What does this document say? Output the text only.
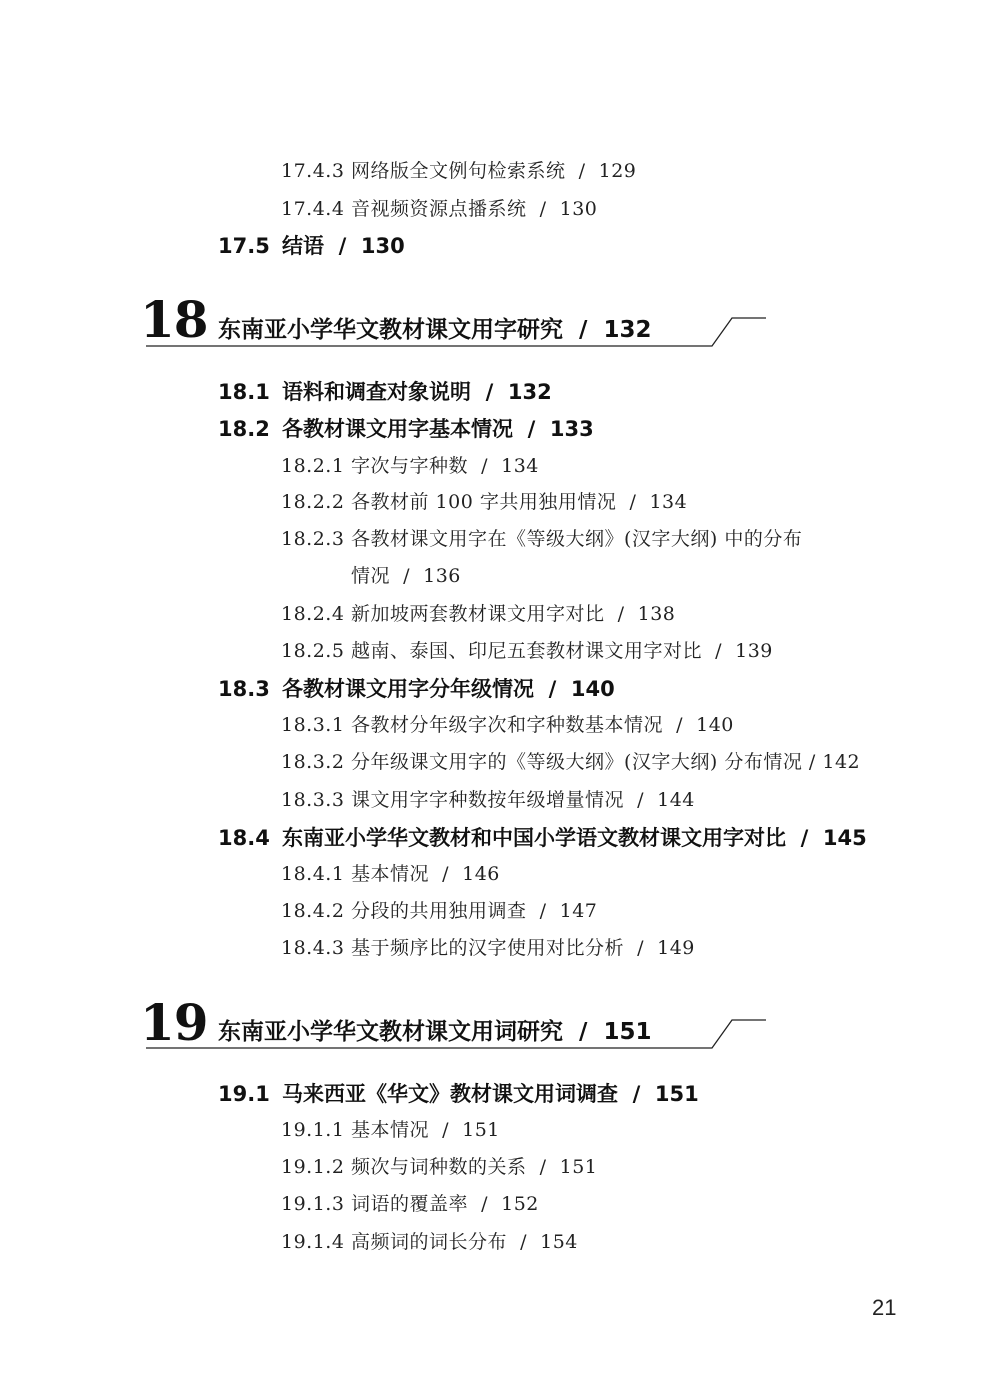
17.4.3 网络版全文例句检索系统 / 129
17.4.4 音视频资源点播系统 / 130
17.5 结语 / 130
18 东南亚小学华文教材课文用字研究 / 132
18.1 语料和调查对象说明 / 132
18.2 各教材课文用字基本情况 / 133
18.2.1 字次与字种数 / 134
18.2.2 各教材前 100 字共用独用情况 / 134
18.2.3 各教材课文用字在《等级大纲》(汉字大纲) 中的分布
情况 / 136
18.2.4 新加坡两套教材课文用字对比 / 138
18.2.5 越南、泰国、印尼五套教材课文用字对比 / 139
18.3 各教材课文用字分年级情况 / 140
18.3.1 各教材分年级字次和字种数基本情况 / 140
18.3.2 分年级课文用字的《等级大纲》(汉字大纲) 分布情况 / 142
18.3.3 课文用字字种数按年级增量情况 / 144
18.4 东南亚小学华文教材和中国小学语文教材课文用字对比 / 145
18.4.1 基本情况 / 146
18.4.2 分段的共用独用调查 / 147
18.4.3 基于频序比的汉字使用对比分析 / 149
19 东南亚小学华文教材课文用词研究 / 151
19.1 马来西亚《华文》教材课文用词调查 / 151
19.1.1 基本情况 / 151
19.1.2 频次与词种数的关系 / 151
19.1.3 词语的覆盖率 / 152
19.1.4 高频词的词长分布 / 154
21
